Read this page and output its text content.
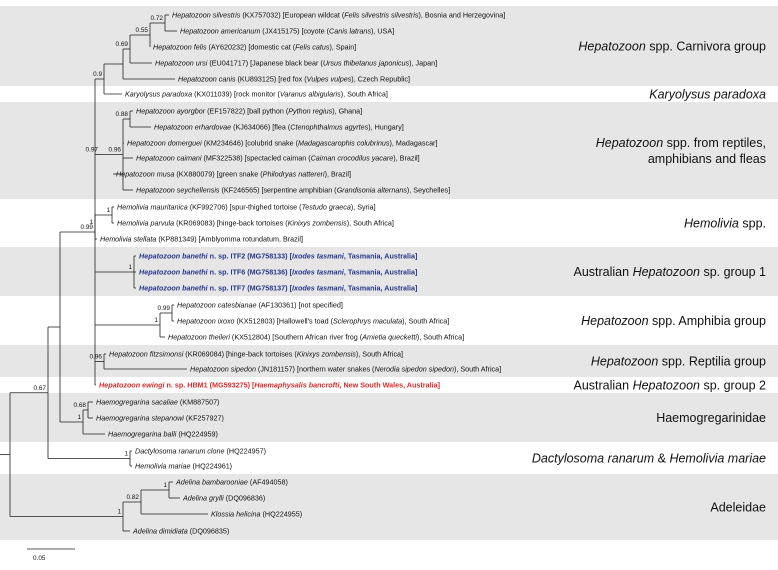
Hepatozoon silvestris (KX757032) [European wildcat (Felis silvestris silvestris), Bosnia and Herzegovina]
Hepatozoon americanum (JX415175) [coyote (Canis latrans), USA]
Hepatozoon felis (AY620232) [domestic cat (Felis catus), Spain]
Hepatozoon ursi (EU041717) [Japanese black bear (Ursus thibetanus japonicus), Japan]
Hepatozoon canis (KU893125) [red fox (Vulpes vulpes), Czech Republic]
Karyolysus paradoxa (KX011039) [rock monitor (Varanus albigularis), South Africa]
Hepatozoon ayorgbor (EF157822) [ball python (Python regius), Ghana]
Hepatozoon erhardovae (KJ634066) [flea (Ctenophthalmus agyrtes), Hungary]
Hepatozoon domerguei (KM234646) [colubrid snake (Madagascarophis colubrinus), Madagascar]
Hepatozoon caimani (MF322538) [spectacled caiman (Caiman crocodilus yacare), Brazil]
Hepatozoon musa (KX880079) [green snake (Philodryas nattereri), Brazil]
Hepatozoon seychellensis (KF246565) [serpentine amphibian (Grandisonia alternans), Seychelles]
Hemolivia mauritanica (KF992706) [spur-thighed tortoise (Testudo graeca), Syria]
Hemolivia parvula (KR069083) [hinge-back tortoises (Kinixys zombensis), South Africa]
Hemolivia stellata (KP881349) [Amblyomma rotundatum, Brazil]
Hepatozoon banethi n. sp. ITF2 (MG758133) [Ixodes tasmani, Tasmania, Australia]
Hepatozoon banethi n. sp. ITF6 (MG758136) [Ixodes tasmani, Tasmania, Australia]
Hepatozoon banethi n. sp. ITF7 (MG758137) [Ixodes tasmani, Tasmania, Australia]
Hepatozoon catesbianae (AF130361) [not specified]
Hepatozoon ixoxo (KX512803) [Hallowell's toad (Sclerophrys maculata), South Africa]
Hepatozoon theileri (KX512804) [Southern African river frog (Amietia quecketti), South Africa]
Hepatozoon fitzsimonsi (KR069084) [hinge-back tortoises (Kinixys zombensis), South Africa]
Hepatozoon sipedon (JN181157) [northern water snakes (Nerodia sipedon sipedon), South Africa]
Hepatozoon ewingi n. sp. HBM1 (MG593275) [Haemaphysalis bancrofti, New South Wales, Australia]
Haemogregarina sacaliae (KM887507)
Haemogregarina stepanowi (KF257927)
Haemogregarina balli (HQ224959)
Dactylosoma ranarum clone (HQ224957)
Hemolivia mariae (HQ224961)
Adelina bambarooniae (AF494058)
Adelina grylli (DQ096836)
Klossia helicina (HQ224955)
Adelina dimidiata (DQ096835)
0.72
0.55
0.69
0.9
0.88
0.96
0.97
1
1
1
0.99
1
0.96
0.99
0.68
1
1
0.67
1
0.82
1
Hepatozoon spp. Carnivora group
Karyolysus paradoxa
Hepatozoon spp. from reptiles,
amphibians and fleas
Hemolivia spp.
Australian Hepatozoon sp. group 1
Hepatozoon spp. Amphibia group
Hepatozoon spp. Reptilia group
Australian Hepatozoon sp. group 2
Haemogregarinidae
Dactylosoma ranarum & Hemolivia mariae
Adeleidae
0.05
